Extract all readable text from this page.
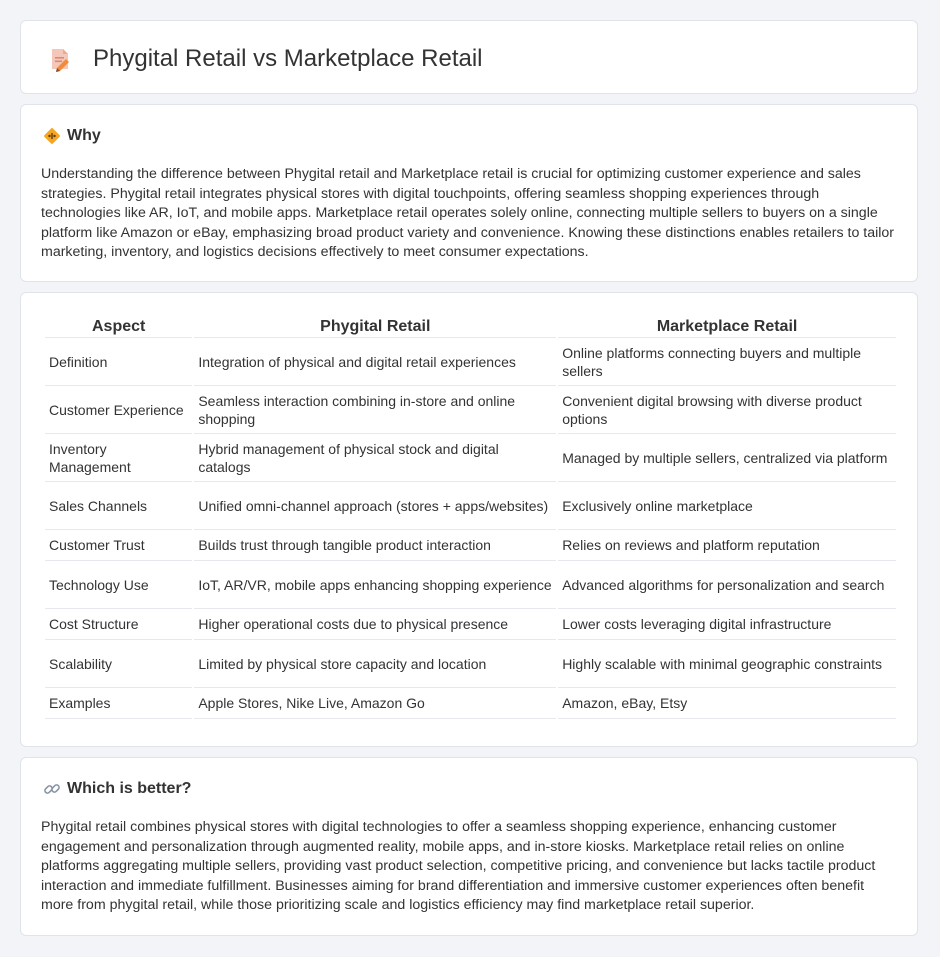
Phygital Retail vs Marketplace Retail
Why
Understanding the difference between Phygital retail and Marketplace retail is crucial for optimizing customer experience and sales strategies. Phygital retail integrates physical stores with digital touchpoints, offering seamless shopping experiences through technologies like AR, IoT, and mobile apps. Marketplace retail operates solely online, connecting multiple sellers to buyers on a single platform like Amazon or eBay, emphasizing broad product variety and convenience. Knowing these distinctions enables retailers to tailor marketing, inventory, and logistics decisions effectively to meet consumer expectations.
Aspect	Phygital Retail	Marketplace Retail
Definition	Integration of physical and digital retail experiences	Online platforms connecting buyers and multiple sellers
Customer Experience	Seamless interaction combining in-store and online shopping	Convenient digital browsing with diverse product options
Inventory Management	Hybrid management of physical stock and digital catalogs	Managed by multiple sellers, centralized via platform
Sales Channels	Unified omni-channel approach (stores + apps/websites)	Exclusively online marketplace
Customer Trust	Builds trust through tangible product interaction	Relies on reviews and platform reputation
Technology Use	IoT, AR/VR, mobile apps enhancing shopping experience	Advanced algorithms for personalization and search
Cost Structure	Higher operational costs due to physical presence	Lower costs leveraging digital infrastructure
Scalability	Limited by physical store capacity and location	Highly scalable with minimal geographic constraints
Examples	Apple Stores, Nike Live, Amazon Go	Amazon, eBay, Etsy
Which is better?
Phygital retail combines physical stores with digital technologies to offer a seamless shopping experience, enhancing customer engagement and personalization through augmented reality, mobile apps, and in-store kiosks. Marketplace retail relies on online platforms aggregating multiple sellers, providing vast product selection, competitive pricing, and convenience but lacks tactile product interaction and immediate fulfillment. Businesses aiming for brand differentiation and immersive customer experiences often benefit more from phygital retail, while those prioritizing scale and logistics efficiency may find marketplace retail superior.
